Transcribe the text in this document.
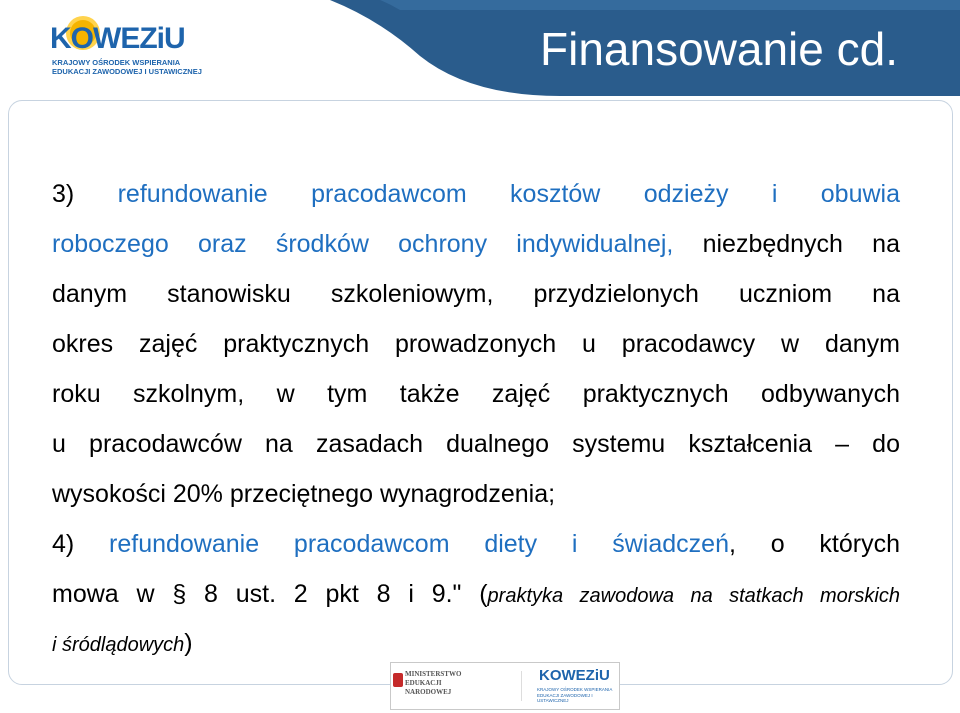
Finansowanie cd.
KOWEZiU
KRAJOWY OŚRODEK WSPIERANIA
EDUKACJI ZAWODOWEJ I USTAWICZNEJ

3) refundowanie pracodawcom kosztów odzieży i obuwia

roboczego oraz środków ochrony indywidualnej, niezbędnych na

danym stanowisku szkoleniowym, przydzielonych uczniom na

okres zajęć praktycznych prowadzonych u pracodawcy w danym

roku szkolnym, w tym także zajęć praktycznych odbywanych

u pracodawców na zasadach dualnego systemu kształcenia – do

wysokości 20% przeciętnego wynagrodzenia;

4) refundowanie pracodawcom diety i świadczeń, o których

mowa w § 8 ust. 2 pkt 8 i 9." (praktyka zawodowa na statkach morskich

i śródlądowych)

MINISTERSTWO
EDUKACJI
NARODOWEJ
KOWEZiU
KRAJOWY OŚRODEK WSPIERANIA EDUKACJI ZAWODOWEJ I USTAWICZNEJ
